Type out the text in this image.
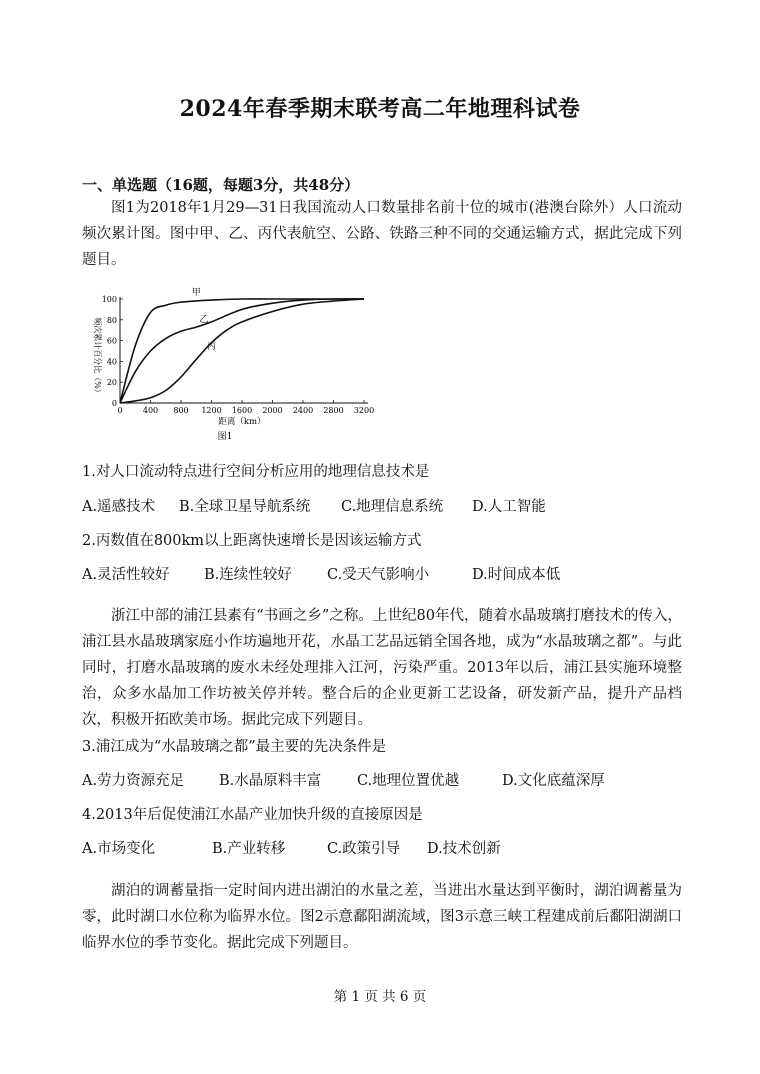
2024年春季期末联考高二年地理科试卷
一、单选题（16题，每题3分，共48分）
图1为2018年1月29—31日我国流动人口数量排名前十位的城市(港澳台除外）人口流动频次累计图。图中甲、乙、丙代表航空、公路、铁路三种不同的交通运输方式，据此完成下列题目。
0	400 800 1200 1600 2000 2400 2800 3200
0
20
40
60
80
100
甲
乙
丙
频次累计百分比（%）
距离（km）
图1
1.对人口流动特点进行空间分析应用的地理信息技术是
A.遥感技术 B.全球卫星导航系统 C.地理信息系统 D.人工智能
2.丙数值在800km以上距离快速增长是因该运输方式
A.灵活性较好 B.连续性较好 C.受天气影响小	D.时间成本低
浙江中部的浦江县素有“书画之乡”之称。上世纪80年代，随着水晶玻璃打磨技术的传入，浦江县水晶玻璃家庭小作坊遍地开花，水晶工艺品远销全国各地，成为“水晶玻璃之都”。与此同时，打磨水晶玻璃的废水未经处理排入江河，污染严重。2013年以后，浦江县实施环境整治，众多水晶加工作坊被关停并转。整合后的企业更新工艺设备，研发新产品，提升产品档次，积极开拓欧美市场。据此完成下列题目。
3.浦江成为“水晶玻璃之都”最主要的先决条件是
A.劳力资源充足 B.水晶原料丰富 C.地理位置优越	D.文化底蕴深厚
4.2013年后促使浦江水晶产业加快升级的直接原因是
A.市场变化	B.产业转移	C.政策引导 D.技术创新
湖泊的调蓄量指一定时间内进出湖泊的水量之差，当进出水量达到平衡时，湖泊调蓄量为零，此时湖口水位称为临界水位。图2示意鄱阳湖流域，图3示意三峡工程建成前后鄱阳湖湖口临界水位的季节变化。据此完成下列题目。
第 1 页 共 6 页
